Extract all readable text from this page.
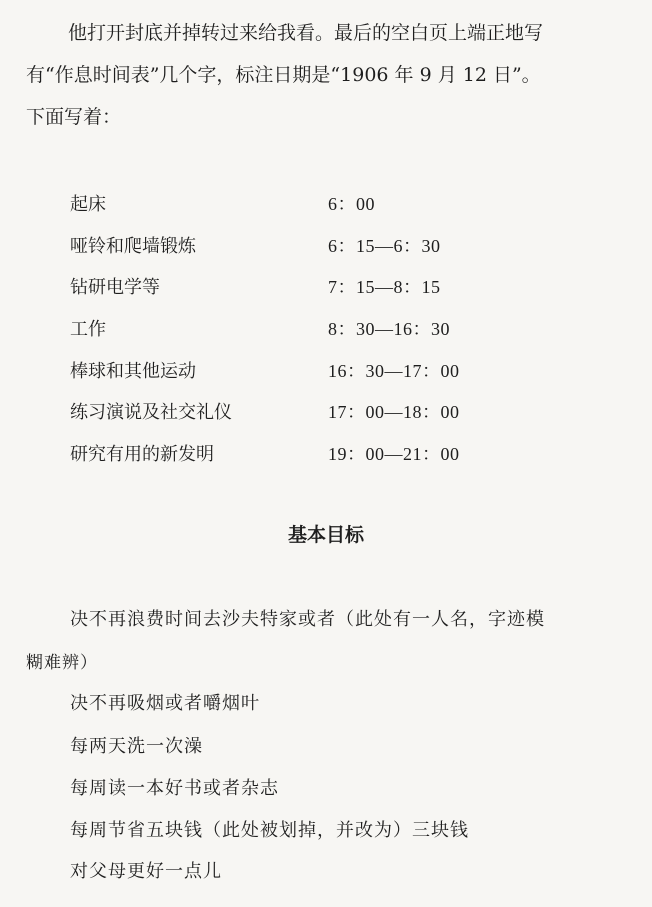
他打开封底并掉转过来给我看。最后的空白页上端正地写
有“作息时间表”几个字，标注日期是“1906 年 9 月 12 日”。
下面写着：
起床	6：00
哑铃和爬墙锻炼	6：15—6：30
钻研电学等	7：15—8：15
工作	8：30—16：30
棒球和其他运动	16：30—17：00
练习演说及社交礼仪	17：00—18：00
研究有用的新发明	19：00—21：00
基本目标
决不再浪费时间去沙夫特家或者（此处有一人名，字迹模
糊难辨）
决不再吸烟或者嚼烟叶
每两天洗一次澡
每周读一本好书或者杂志
每周节省五块钱（此处被划掉，并改为）三块钱
对父母更好一点儿
